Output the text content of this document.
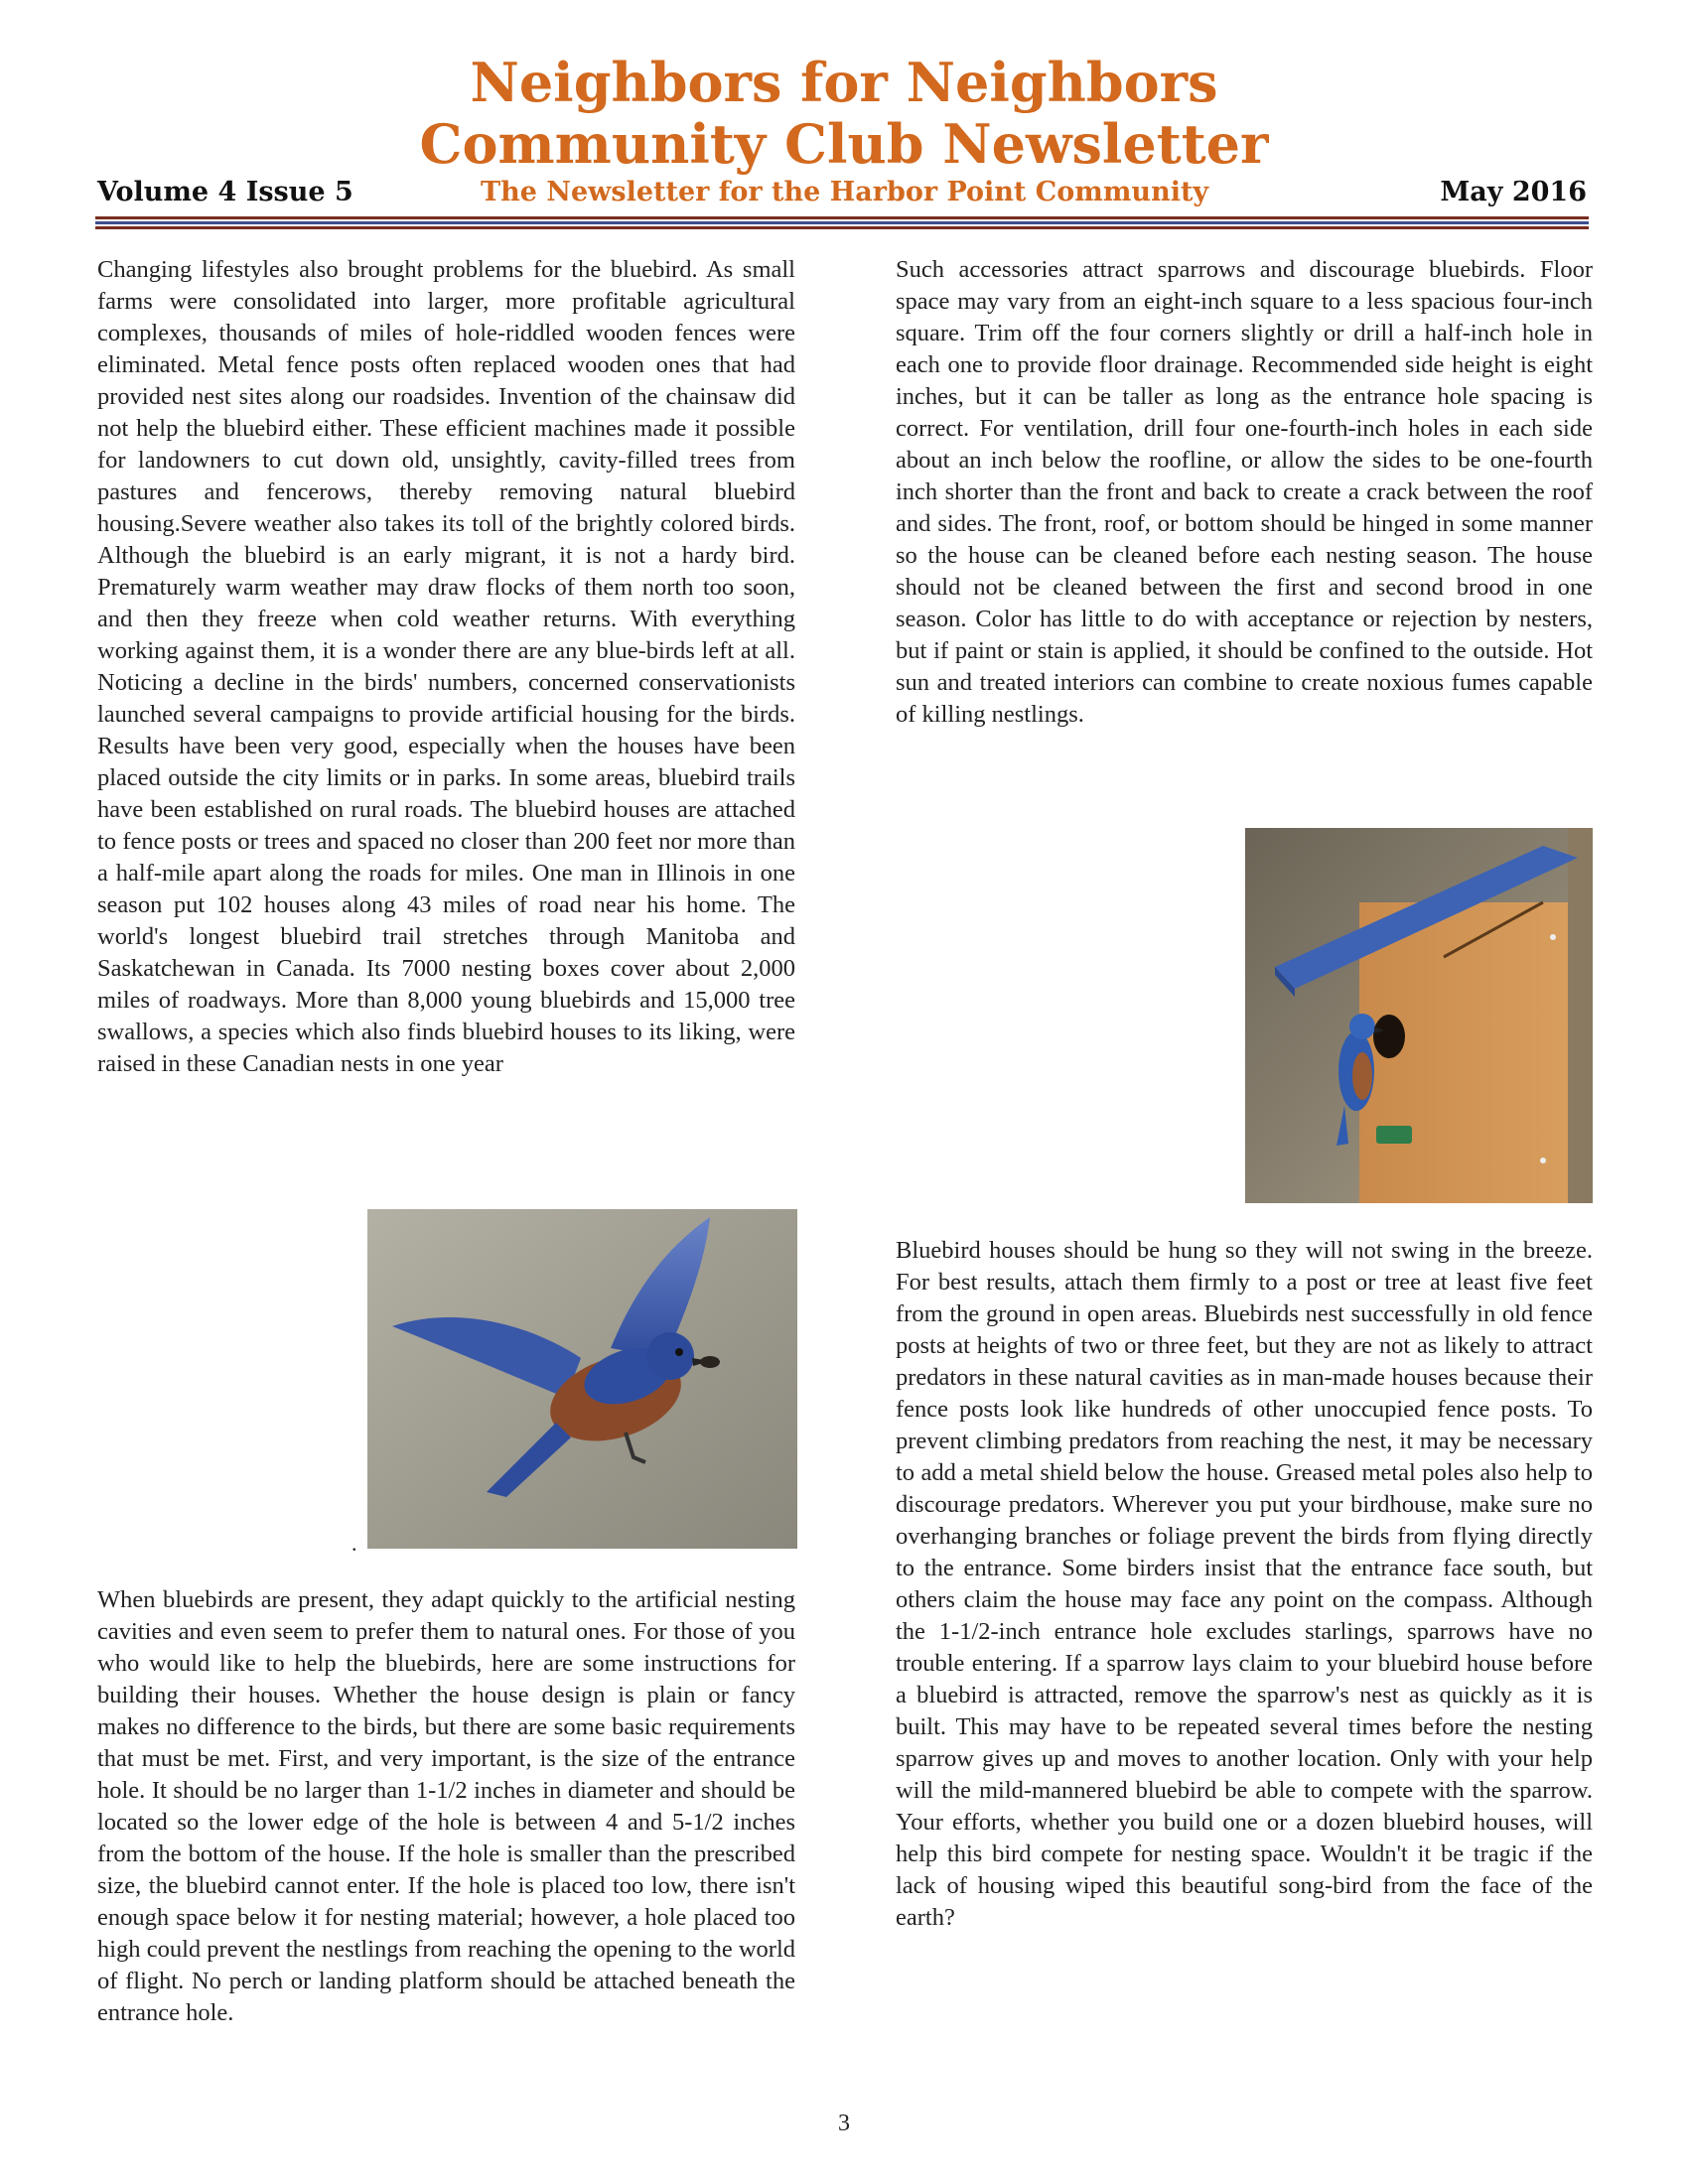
Neighbors for Neighbors
Community Club Newsletter
Volume 4 Issue 5	The Newsletter for the Harbor Point Community	May 2016

Changing lifestyles also brought problems for the bluebird. As small farms were consolidated into larger, more profitable agricultural complexes, thousands of miles of hole-riddled wooden fences were eliminated. Metal fence posts often replaced wooden ones that had provided nest sites along our roadsides. Invention of the chainsaw did not help the bluebird either. These efficient machines made it possible for landowners to cut down old, unsightly, cavity-filled trees from pastures and fencerows, thereby removing natural bluebird housing.Severe weather also takes its toll of the brightly colored birds. Although the bluebird is an early migrant, it is not a hardy bird. Prematurely warm weather may draw flocks of them north too soon, and then they freeze when cold weather returns. With everything working against them, it is a wonder there are any blue-birds left at all. Noticing a decline in the birds' numbers, concerned conservationists launched several campaigns to provide artificial housing for the birds. Results have been very good, especially when the houses have been placed outside the city limits or in parks. In some areas, bluebird trails have been established on rural roads. The bluebird houses are attached to fence posts or trees and spaced no closer than 200 feet nor more than a half-mile apart along the roads for miles. One man in Illinois in one season put 102 houses along 43 miles of road near his home. The world's longest bluebird trail stretches through Manitoba and Saskatchewan in Canada. Its 7000 nesting boxes cover about 2,000 miles of roadways. More than 8,000 young bluebirds and 15,000 tree swallows, a species which also finds bluebird houses to its liking, were raised in these Canadian nests in one year

.

When bluebirds are present, they adapt quickly to the artificial nesting cavities and even seem to prefer them to natural ones. For those of you who would like to help the bluebirds, here are some instructions for building their houses. Whether the house design is plain or fancy makes no difference to the birds, but there are some basic requirements that must be met. First, and very important, is the size of the entrance hole. It should be no larger than 1-1/2 inches in diameter and should be located so the lower edge of the hole is between 4 and 5-1/2 inches from the bottom of the house. If the hole is smaller than the prescribed size, the bluebird cannot enter. If the hole is placed too low, there isn't enough space below it for nesting material; however, a hole placed too high could prevent the nestlings from reaching the opening to the world of flight. No perch or landing platform should be attached beneath the entrance hole.

Such accessories attract sparrows and discourage bluebirds. Floor space may vary from an eight-inch square to a less spacious four-inch square. Trim off the four corners slightly or drill a half-inch hole in each one to provide floor drainage. Recommended side height is eight inches, but it can be taller as long as the entrance hole spacing is correct. For ventilation, drill four one-fourth-inch holes in each side about an inch below the roofline, or allow the sides to be one-fourth inch shorter than the front and back to create a crack between the roof and sides. The front, roof, or bottom should be hinged in some manner so the house can be cleaned before each nesting season. The house should not be cleaned between the first and second brood in one season. Color has little to do with acceptance or rejection by nesters, but if paint or stain is applied, it should be confined to the outside. Hot sun and treated interiors can combine to create noxious fumes capable of killing nestlings.

Bluebird houses should be hung so they will not swing in the breeze. For best results, attach them firmly to a post or tree at least five feet from the ground in open areas. Bluebirds nest successfully in old fence posts at heights of two or three feet, but they are not as likely to attract predators in these natural cavities as in man-made houses because their fence posts look like hundreds of other unoccupied fence posts. To prevent climbing predators from reaching the nest, it may be necessary to add a metal shield below the house. Greased metal poles also help to discourage predators. Wherever you put your birdhouse, make sure no overhanging branches or foliage prevent the birds from flying directly to the entrance. Some birders insist that the entrance face south, but others claim the house may face any point on the compass. Although the 1-1/2-inch entrance hole excludes starlings, sparrows have no trouble entering. If a sparrow lays claim to your bluebird house before a bluebird is attracted, remove the sparrow's nest as quickly as it is built. This may have to be repeated several times before the nesting sparrow gives up and moves to another location. Only with your help will the mild-mannered bluebird be able to compete with the sparrow. Your efforts, whether you build one or a dozen bluebird houses, will help this bird compete for nesting space. Wouldn't it be tragic if the lack of housing wiped this beautiful song-bird from the face of the earth?

3
